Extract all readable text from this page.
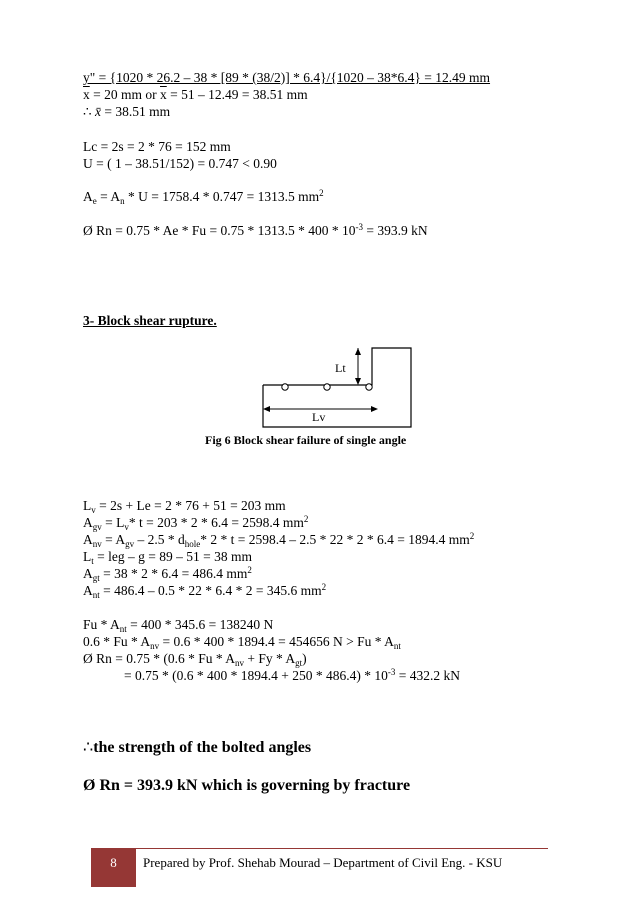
y" = {1020 * 26.2 – 38 * [89 * (38/2)] * 6.4}/{1020 – 38*6.4} = 12.49 mm
$\overline{x} = 20$ mm or $\overline{x} = 51 - 12.49 = 38.51$ mm
∴ x̄ = 38.51 mm
Lc = 2s = 2 * 76 = 152 mm
U = ( 1 – 38.51/152) = 0.747 < 0.90
$A_e = A_n * U = 1758.4 * 0.747 = 1313.5$ $mm^2$
Ø $Rn = 0.75 * Ae * Fu = 0.75 * 1313.5 * 400 * 10^{-3} = 393.9$ kN
3- Block shear rupture.
Lt
Lv
Fig 6 Block shear failure of single angle
$L_v = 2s + Le = 2 * 76 + 51 = 203$ mm
$A_{gv} = L_v*$ t = 203 * 2 * 6.4 = 2598.4 $mm^2$
$A_{nv} = A_{gv} - 2.5 * d_{hole}*$ 2 * t = 2598.4 – 2.5 * 22 * 2 * 6.4 = 1894.4 $mm^2$
$L_t$ = leg – g = 89 – 51 = 38 mm
$A_{gt} = 38 * 2 * 6.4 = 486.4$ $mm^2$
$A_{nt} = 486.4 - 0.5 * 22 * 6.4 * 2 = 345.6$ $mm^2$
$Fu * A_{nt} = 400 * 345.6 = 138240$ N
$0.6 * Fu * A_{nv} = 0.6 * 400 * 1894.4 = 454656$ $N > Fu * A_{nt}$
Ø $Rn = 0.75 * (0.6 * Fu * A_{nv} + Fy * A_{gt})$
= $0.75 * (0.6 * 400 * 1894.4 + 250 * 486.4) * 10^{-3} = 432.2$ kN
∴the strength of the bolted angles
Ø Rn = 393.9 kN which is governing by fracture
8	Prepared by Prof. Shehab Mourad – Department of Civil Eng. - KSU
